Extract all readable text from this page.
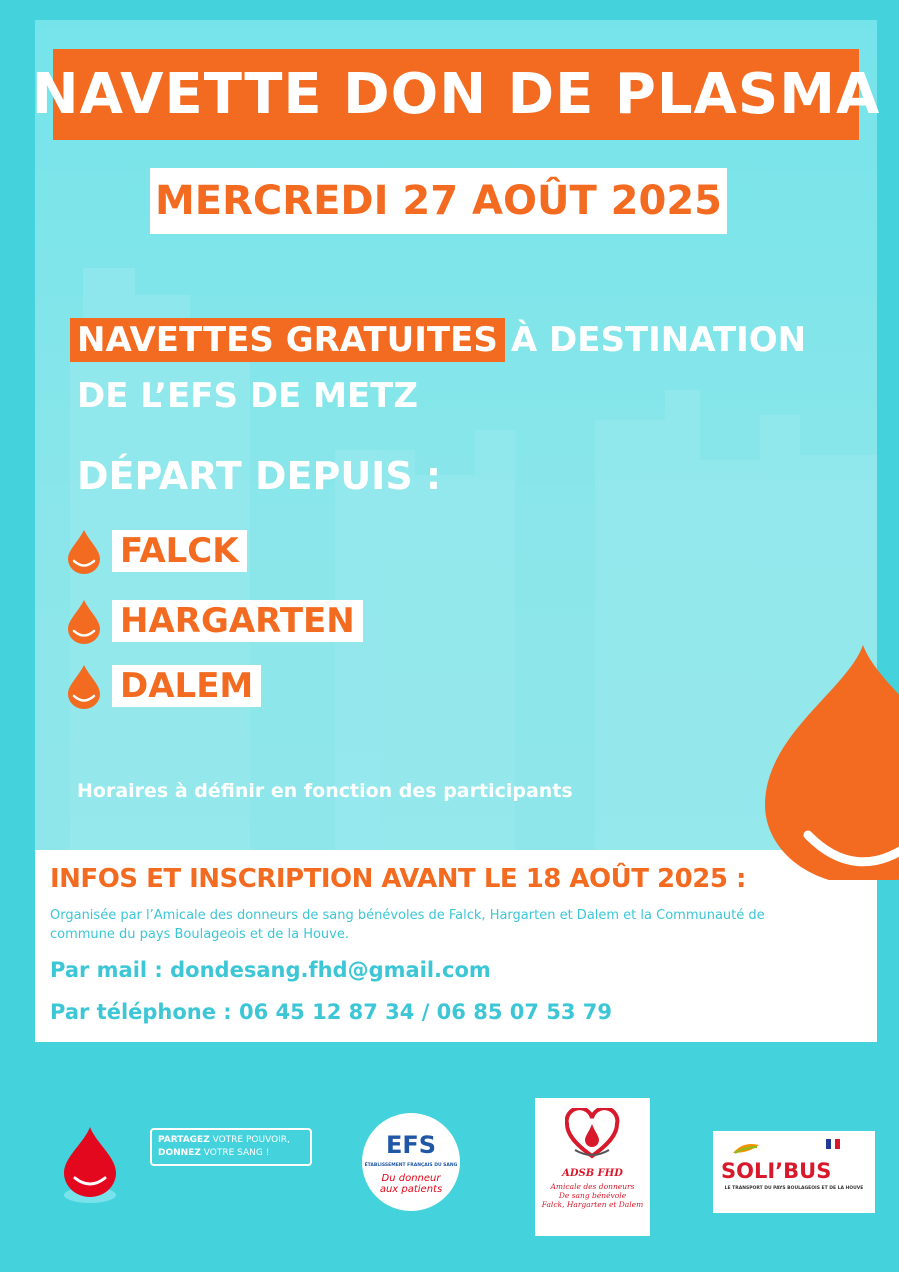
NAVETTE DON DE PLASMA
MERCREDI 27 AOÛT 2025
NAVETTES GRATUITES À DESTINATION
DE L’EFS DE METZ
DÉPART DEPUIS :
FALCK
HARGARTEN
DALEM
Horaires à définir en fonction des participants
INFOS ET INSCRIPTION AVANT LE 18 AOÛT 2025 :
Organisée par l’Amicale des donneurs de sang bénévoles de Falck, Hargarten et Dalem et la Communauté de commune du pays Boulageois et de la Houve.
Par mail : dondesang.fhd@gmail.com
Par téléphone : 06 45 12 87 34 / 06 85 07 53 79
PARTAGEZ VOTRE POUVOIR,
DONNEZ VOTRE SANG !	EFS
ÉTABLISSEMENT FRANÇAIS DU SANG
Du donneur
aux patients
ADSB FHD
Amicale des donneurs
De sang bénévole
Falck, Hargarten et Dalem
SOLI’BUS
LE TRANSPORT DU PAYS BOULAGEOIS ET DE LA HOUVE
